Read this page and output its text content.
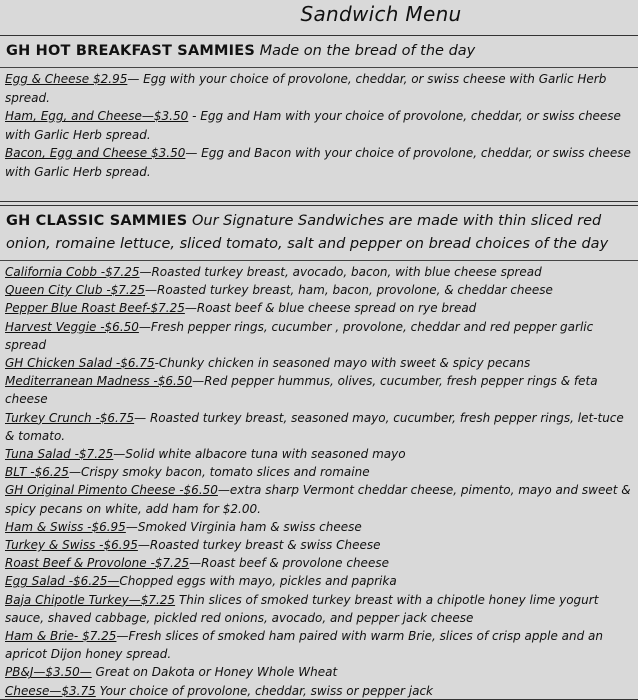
Sandwich Menu
GH HOT BREAKFAST SAMMIES Made on the bread of the day
Egg & Cheese $2.95— Egg with your choice of provolone, cheddar, or swiss cheese with Garlic Herb spread.
Ham, Egg, and Cheese—$3.50 - Egg and Ham with your choice of provolone, cheddar, or swiss cheese with Garlic Herb spread.
Bacon, Egg and Cheese $3.50— Egg and Bacon with your choice of provolone, cheddar, or swiss cheese with Garlic Herb spread.
GH CLASSIC SAMMIES Our Signature Sandwiches are made with thin sliced red onion, romaine lettuce, sliced tomato, salt and pepper on bread choices of the day
California Cobb -$7.25—Roasted turkey breast, avocado, bacon, with blue cheese spread
Queen City Club -$7.25—Roasted turkey breast, ham, bacon, provolone, & cheddar cheese
Pepper Blue Roast Beef-$7.25—Roast beef & blue cheese spread on rye bread
Harvest Veggie -$6.50—Fresh pepper rings, cucumber , provolone, cheddar and red pepper garlic spread
GH Chicken Salad -$6.75-Chunky chicken in seasoned mayo with sweet & spicy pecans
Mediterranean Madness -$6.50—Red pepper hummus, olives, cucumber, fresh pepper rings & feta cheese
Turkey Crunch -$6.75— Roasted turkey breast, seasoned mayo, cucumber, fresh pepper rings, let-tuce & tomato.
Tuna Salad -$7.25—Solid white albacore tuna with seasoned mayo
BLT -$6.25—Crispy smoky bacon, tomato slices and romaine
GH Original Pimento Cheese -$6.50—extra sharp Vermont cheddar cheese, pimento, mayo and sweet & spicy pecans on white, add ham for $2.00.
Ham & Swiss -$6.95—Smoked Virginia ham & swiss cheese
Turkey & Swiss -$6.95—Roasted turkey breast & swiss Cheese
Roast Beef & Provolone -$7.25—Roast beef & provolone cheese
Egg Salad -$6.25—Chopped eggs with mayo, pickles and paprika
Baja Chipotle Turkey—$7.25 Thin slices of smoked turkey breast with a chipotle honey lime yogurt sauce, shaved cabbage, pickled red onions, avocado, and pepper jack cheese
Ham & Brie- $7.25—Fresh slices of smoked ham paired with warm Brie, slices of crisp apple and an apricot Dijon honey spread.
PB&J—$3.50— Great on Dakota or Honey Whole Wheat
Cheese—$3.75 Your choice of provolone, cheddar, swiss or pepper jack
